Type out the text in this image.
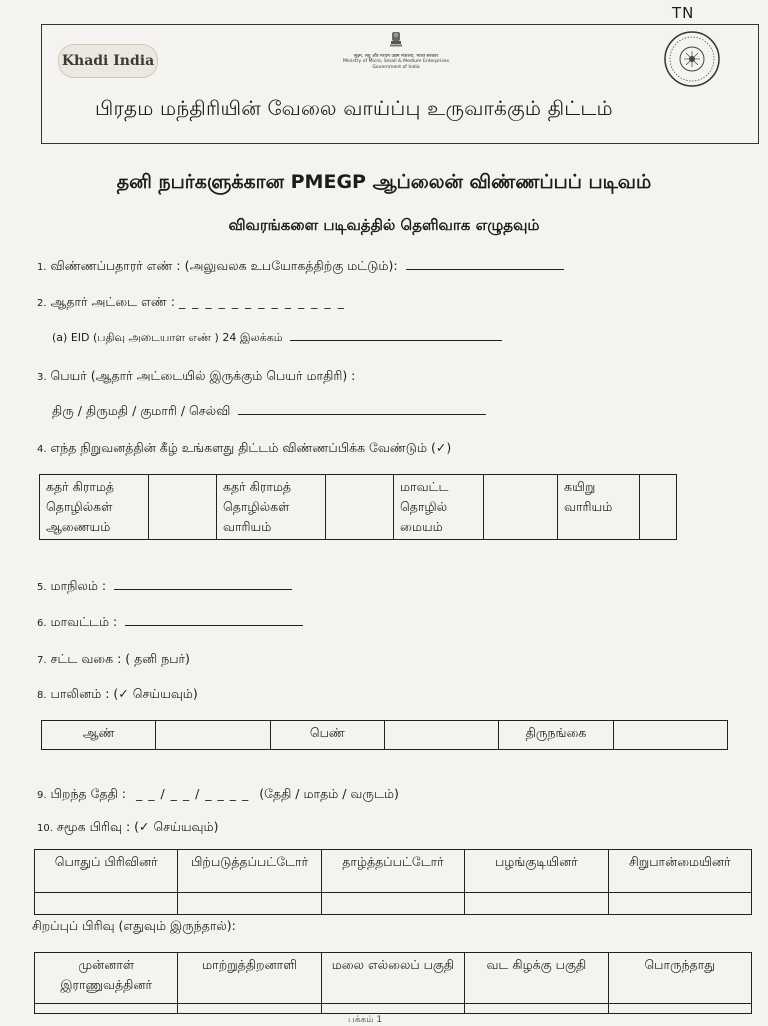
TN
Khadi India	सूक्ष्म, लघु और मध्यम उद्यम मंत्रालय, भारत सरकार
Ministry of Micro, Small & Medium Enterprises
Government of India
பிரதம மந்திரியின் வேலை வாய்ப்பு உருவாக்கும் திட்டம்
தனி நபர்களுக்கான PMEGP ஆப்லைன் விண்ணப்பப் படிவம்
விவரங்களை படிவத்தில் தெளிவாக எழுதவும்
1. விண்ணப்பதாரர் எண் : (அலுவலக உபயோகத்திற்கு மட்டும்):
2. ஆதார் அட்டை எண் : _ _ _ _ _ _ _ _ _ _ _ _ _
(a) EID (பதிவு அடையாள எண் ) 24 இலக்கம்
3. பெயர் (ஆதார் அட்டையில் இருக்கும் பெயர் மாதிரி) :
திரு / திருமதி / குமாரி / செல்வி
4. எந்த நிறுவனத்தின் கீழ் உங்களது திட்டம் விண்ணப்பிக்க வேண்டும் (✓)
கதர் கிராமத் தொழில்கள் ஆணையம்		கதர் கிராமத் தொழில்கள் வாரியம்		மாவட்ட தொழில் மையம்		கயிறு வாரியம்	
5. மாநிலம் :
6. மாவட்டம் :
7. சட்ட வகை : ( தனி நபர்)
8. பாலினம் : (✓ செய்யவும்)
ஆண்		பெண்		திருநங்கை	
9. பிறந்த தேதி : _ _ / _ _ / _ _ _ _ (தேதி / மாதம் / வருடம்)
10. சமூக பிரிவு : (✓ செய்யவும்)
பொதுப் பிரிவினர்	பிற்படுத்தப்பட்டோர்	தாழ்த்தப்பட்டோர்	பழங்குடியினர்	சிறுபான்மையினர்

சிறப்புப் பிரிவு (எதுவும் இருந்தால்):
முன்னாள் இராணுவத்தினர்	மாற்றுத்திறனாளி	மலை எல்லைப் பகுதி	வட கிழக்கு பகுதி	பொருந்தாது

பக்கம் 1
